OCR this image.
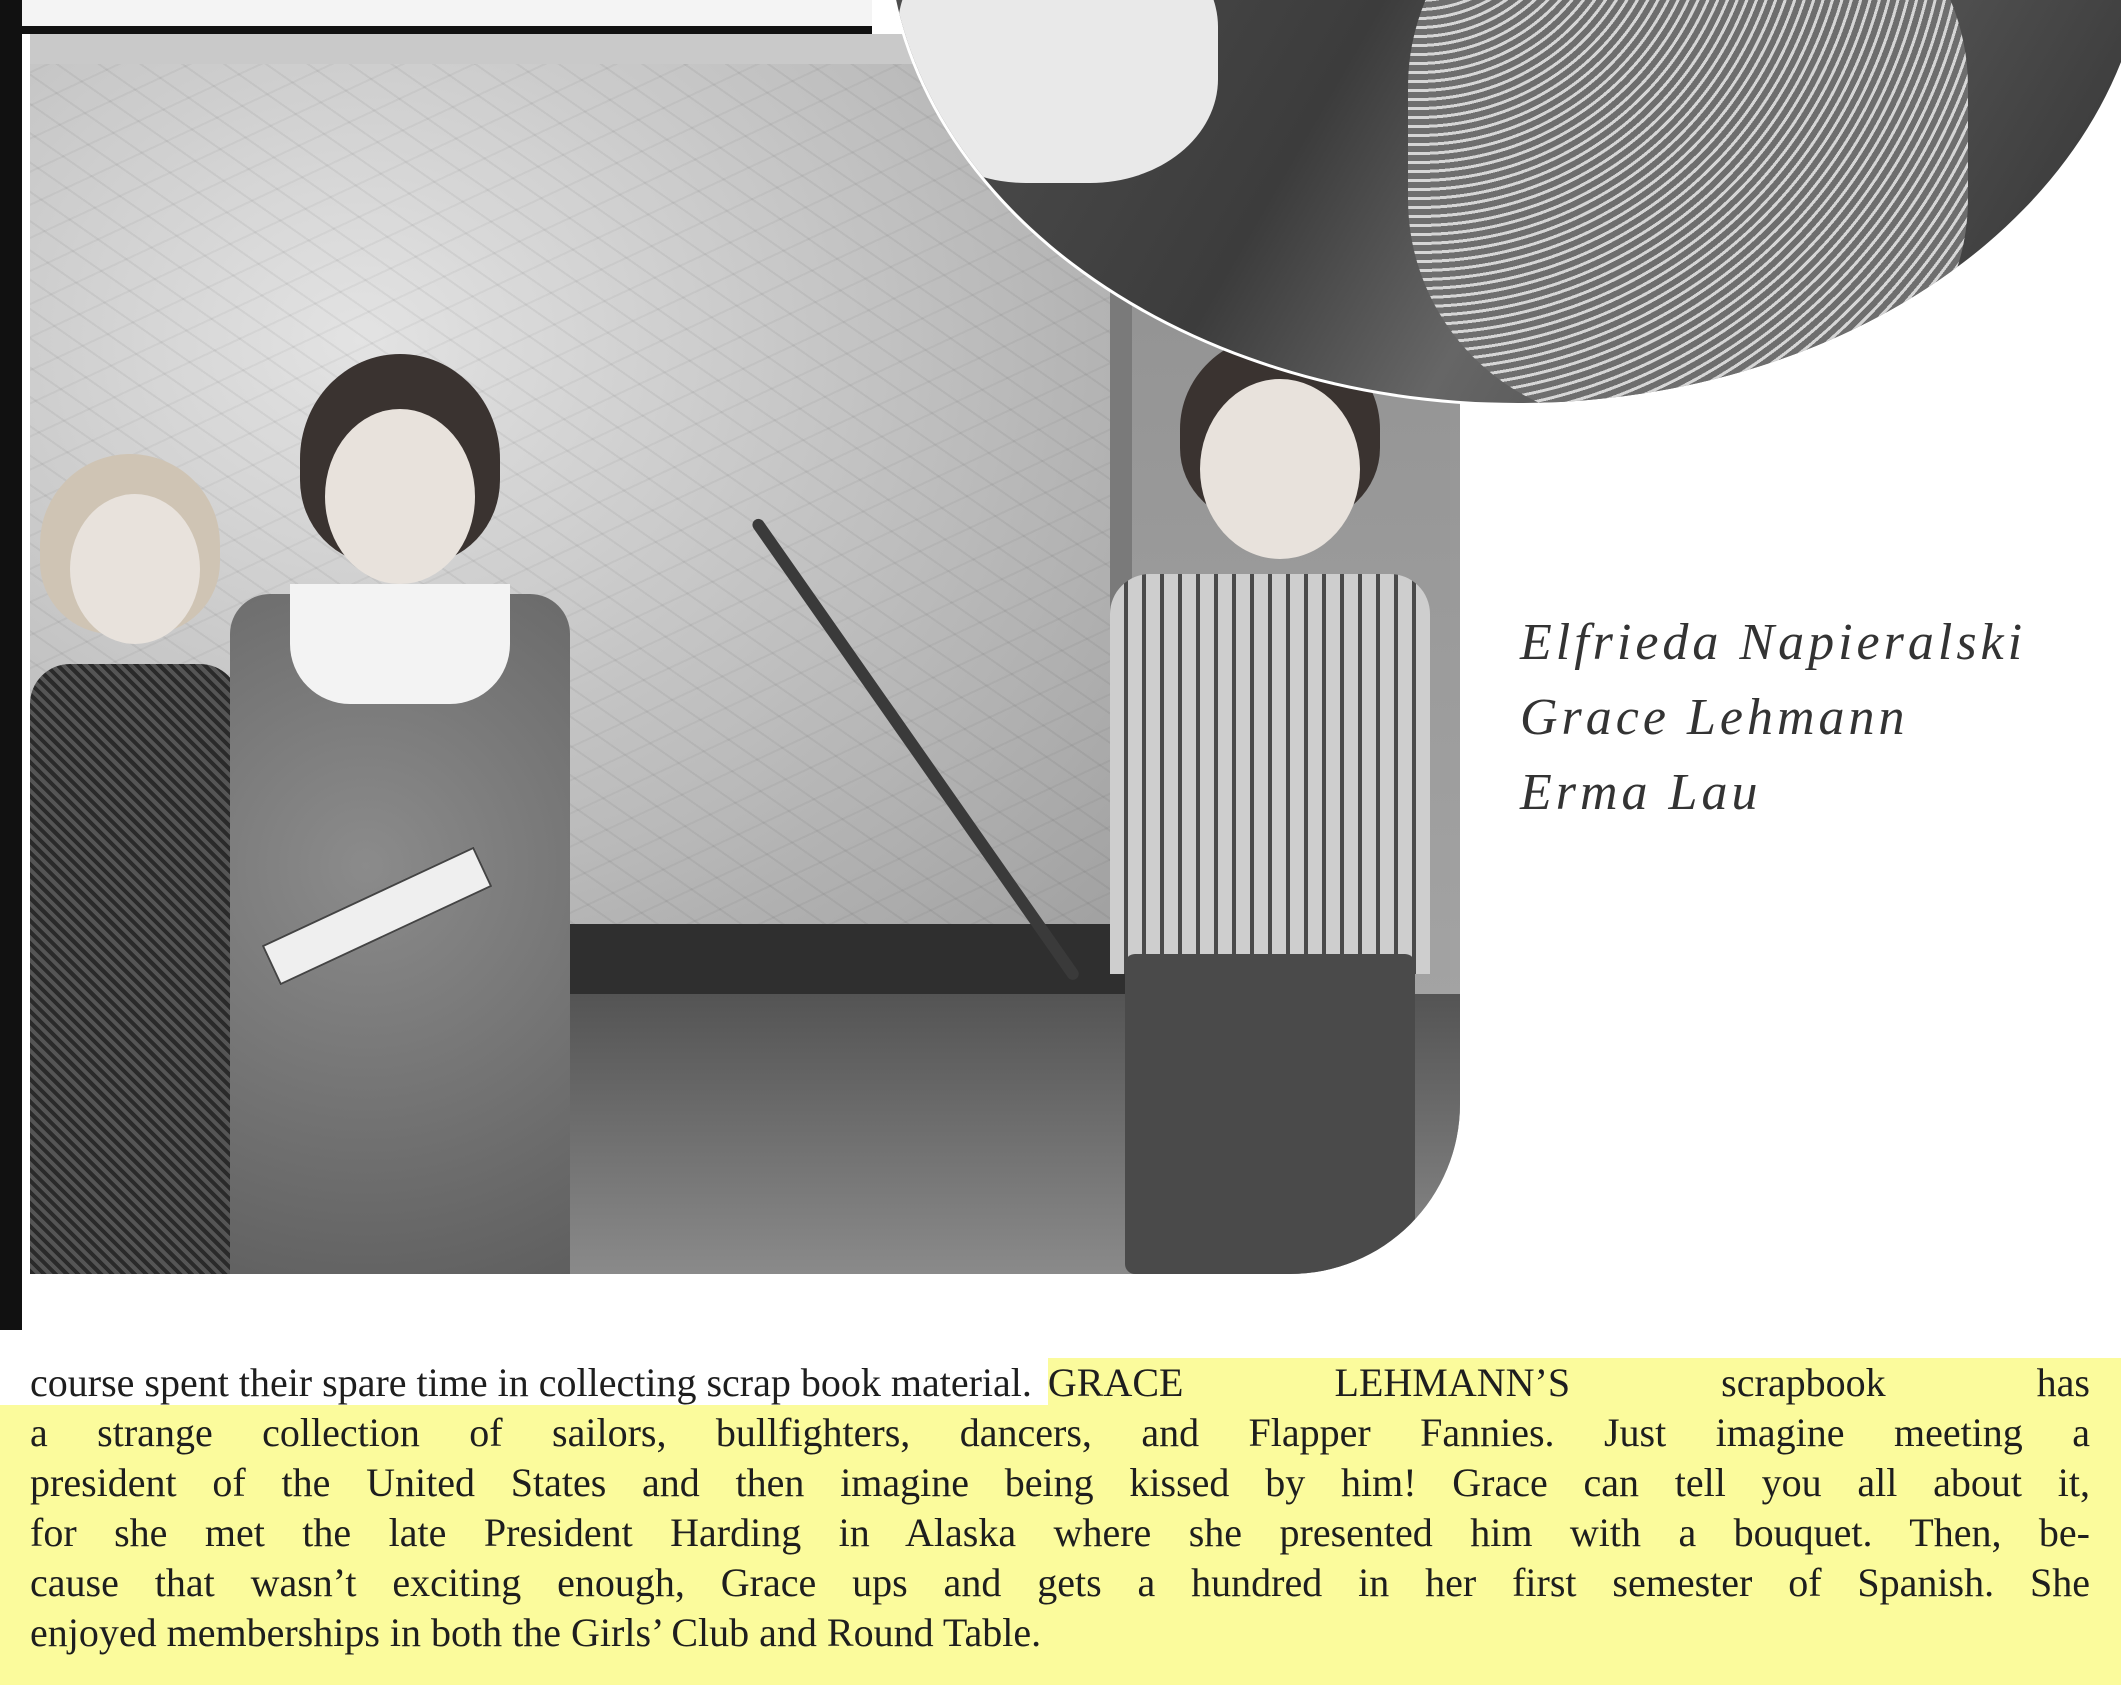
Elfrieda Napieralski
Grace Lehmann
Erma Lau
course spent their spare time in collecting scrap book material. GRACE LEHMANN’S scrapbook has
a strange collection of sailors, bullfighters, dancers, and Flapper Fannies. Just imagine meeting a
president of the United States and then imagine being kissed by him! Grace can tell you all about it,
for she met the late President Harding in Alaska where she presented him with a bouquet. Then, be-
cause that wasn’t exciting enough, Grace ups and gets a hundred in her first semester of Spanish. She
enjoyed memberships in both the Girls’ Club and Round Table.
